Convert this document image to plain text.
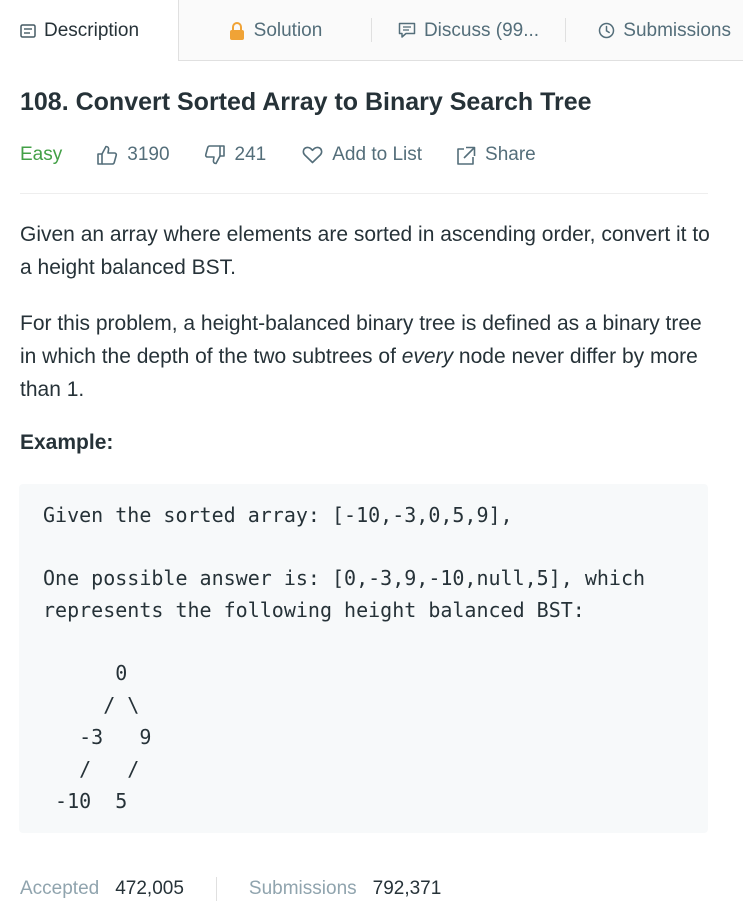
Description	Solution	Discuss (99...	Submissions
108. Convert Sorted Array to Binary Search Tree
Easy	3190	241	Add to List	Share

Given an array where elements are sorted in ascending order, convert it to a height balanced BST.

For this problem, a height-balanced binary tree is defined as a binary tree in which the depth of the two subtrees of every node never differ by more than 1.

Example:

Given the sorted array: [-10,-3,0,5,9],
One possible answer is: [0,-3,9,-10,null,5], which
represents the following height balanced BST:
0
/ \
-3   9
/   /
-10  5
Accepted 472,005	Submissions 792,371
